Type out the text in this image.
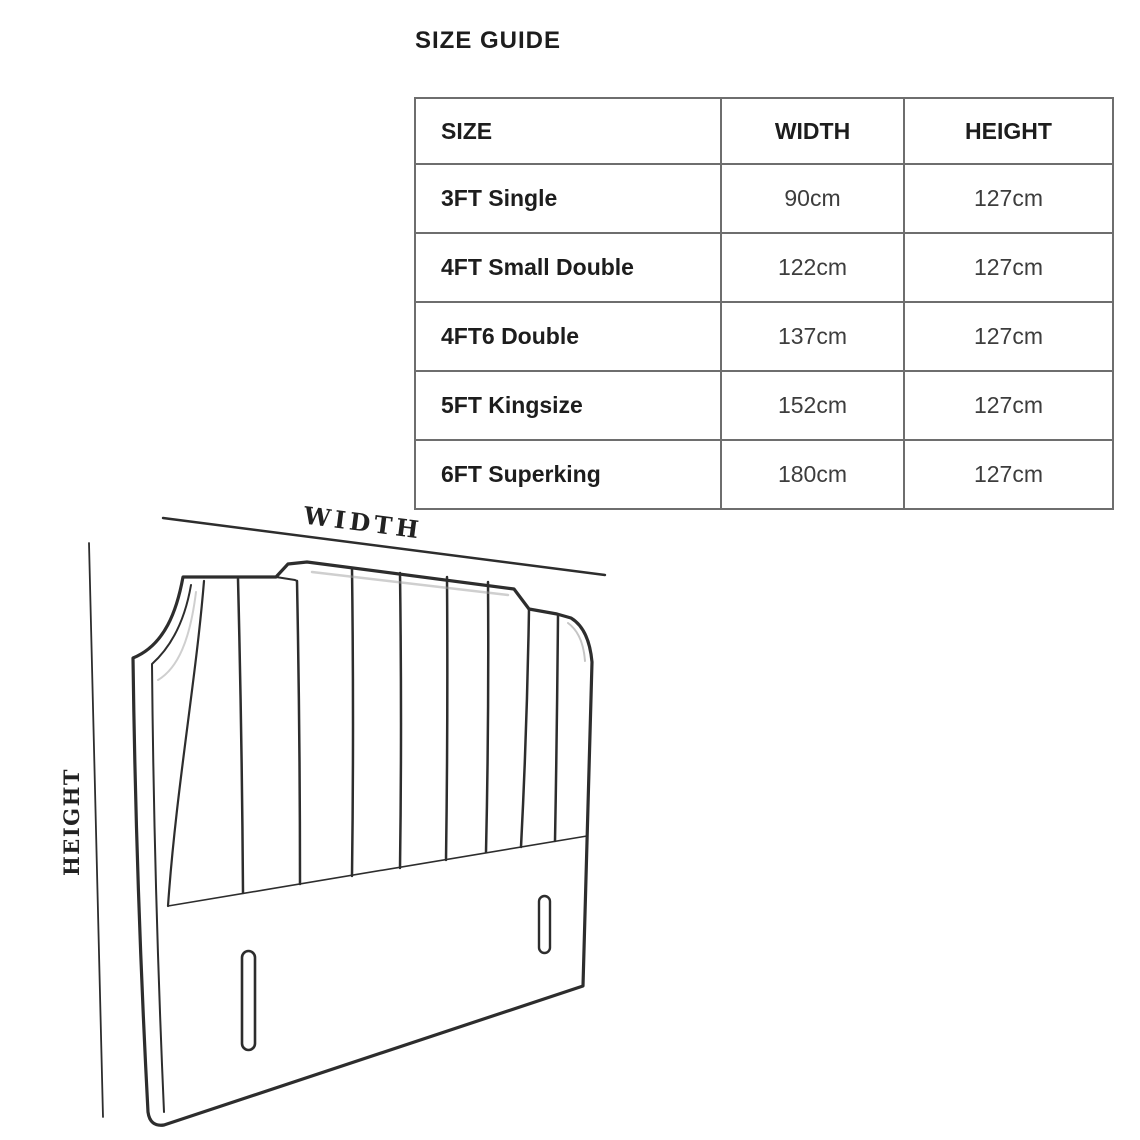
SIZE GUIDE
SIZE	WIDTH	HEIGHT
3FT Single	90cm	127cm
4FT Small Double	122cm	127cm
4FT6 Double	137cm	127cm
5FT Kingsize	152cm	127cm
6FT Superking	180cm	127cm
WIDTH
HEIGHT
